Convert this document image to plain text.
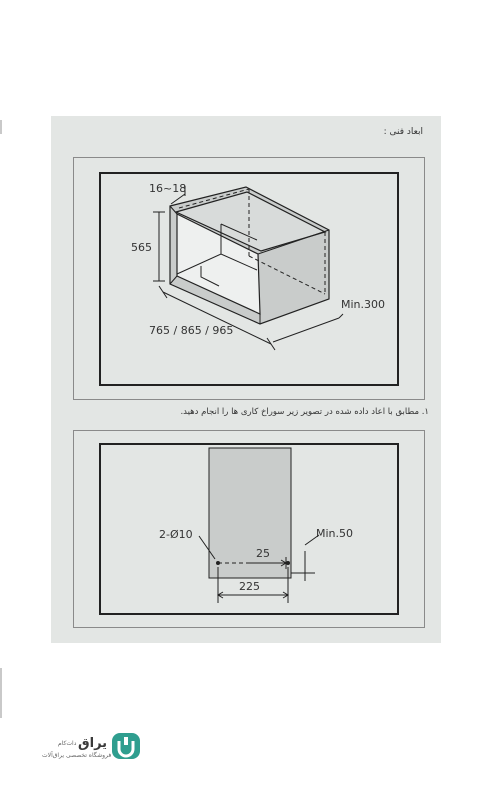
ابعاد فنی :
16~18
565
765 / 865 / 965
Min.300
۱. مطابق با اعاد داده شده در تصویر زیر سوراخ کاری ها را انجام دهید.
2-Ø10
25
Min.50
225
یراق
دات‌کام
فروشگاه تخصصی یراق‌آلات
